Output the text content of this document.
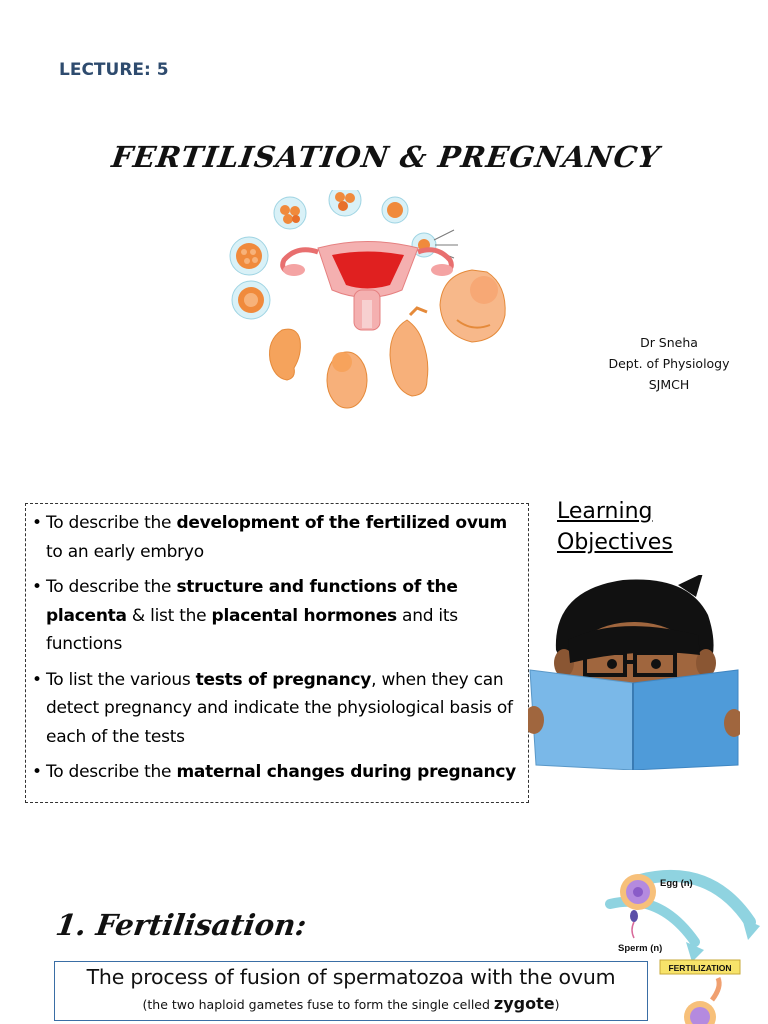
LECTURE: 5
FERTILISATION & PREGNANCY
Dr Sneha
Dept. of Physiology
SJMCH
• To describe the development of the fertilized ovum to an early embryo
• To describe the structure and functions of the placenta & list the placental hormones and its functions
• To list the various tests of pregnancy, when they can detect pregnancy and indicate the physiological basis of each of the tests
• To describe the maternal changes during pregnancy
Learning
Objectives
1. Fertilisation:
The process of fusion of spermatozoa with the ovum
(the two haploid gametes fuse to form the single celled zygote)
Egg (n)
Sperm (n)
FERTILIZATION
